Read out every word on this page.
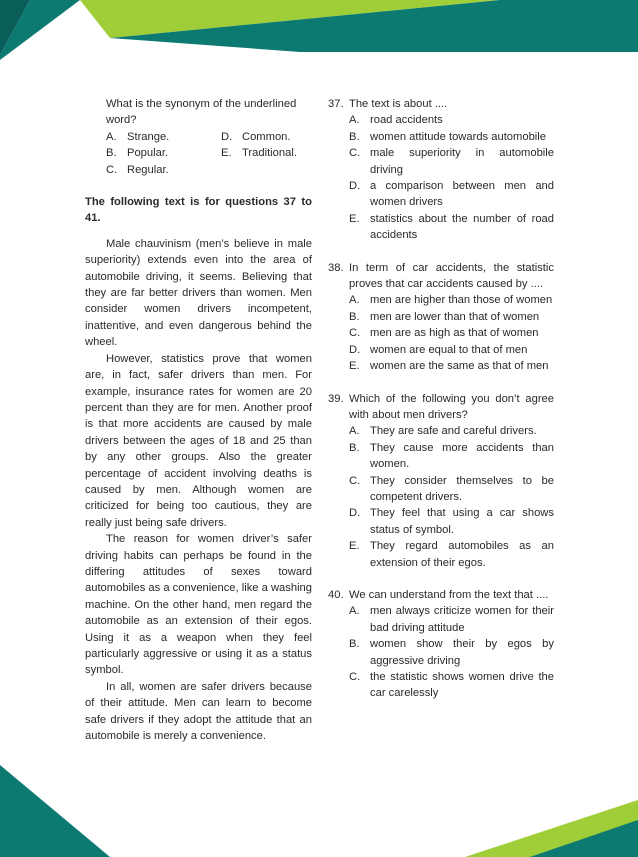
What is the synonym of the underlined word?
A. Strange.	D. Common.
B. Popular.	E. Traditional.
C. Regular.
The following text is for questions 37 to 41.

Male chauvinism (men’s believe in male superiority) extends even into the area of automobile driving, it seems. Believing that they are far better drivers than women. Men consider women drivers incompetent, inattentive, and even dangerous behind the wheel.

However, statistics prove that women are, in fact, safer drivers than men. For example, insurance rates for women are 20 percent than they are for men. Another proof is that more accidents are caused by male drivers between the ages of 18 and 25 than by any other groups. Also the greater percentage of accident involving deaths is caused by men. Although women are criticized for being too cautious, they are really just being safe drivers.

The reason for women driver’s safer driving habits can perhaps be found in the differing attitudes of sexes toward automobiles as a convenience, like a washing machine. On the other hand, men regard the automobile as an extension of their egos. Using it as a weapon when they feel particularly aggressive or using it as a status symbol.

In all, women are safer drivers because of their attitude. Men can learn to become safe drivers if they adopt the attitude that an automobile is merely a convenience.

37. The text is about ....
A. road accidents
B. women attitude towards automobile
C. male superiority in automobile driving
D. a comparison between men and women drivers
E. statistics about the number of road accidents
38. In term of car accidents, the statistic proves that car accidents caused by ....
A. men are higher than those of women
B. men are lower than that of women
C. men are as high as that of women
D. women are equal to that of men
E. women are the same as that of men
39. Which of the following you don’t agree with about men drivers?
A. They are safe and careful drivers.
B. They cause more accidents than women.
C. They consider themselves to be competent drivers.
D. They feel that using a car shows status of symbol.
E. They regard automobiles as an extension of their egos.
40. We can understand from the text that ....
A. men always criticize women for their bad driving attitude
B. women show their by egos by aggressive driving
C. the statistic shows women drive the car carelessly
